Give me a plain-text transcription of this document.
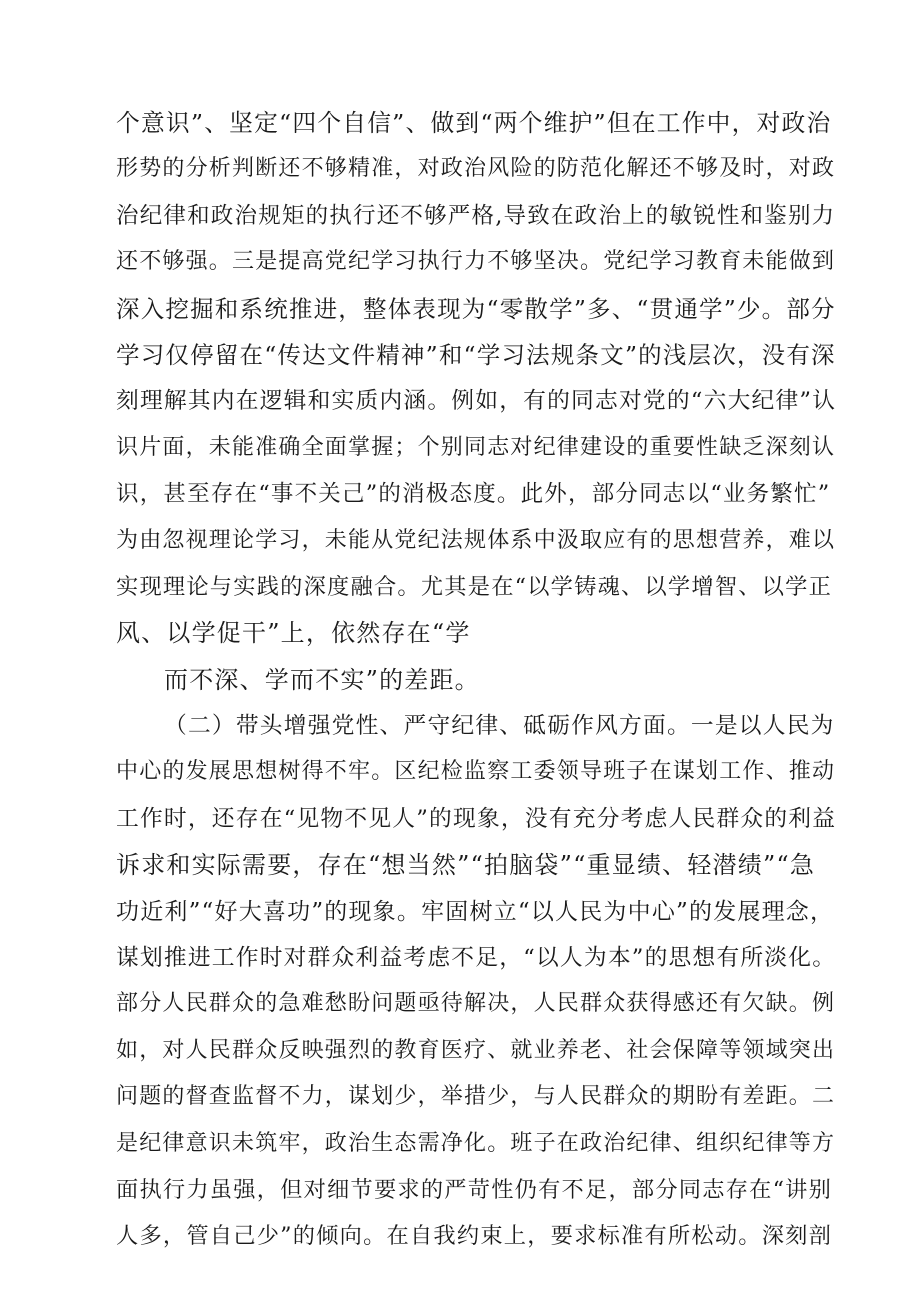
个意识”、坚定“四个自信”、做到“两个维护”但在工作中，对政治
形势的分析判断还不够精准，对政治风险的防范化解还不够及时，对政
治纪律和政治规矩的执行还不够严格,导致在政治上的敏锐性和鉴别力
还不够强。三是提高党纪学习执行力不够坚决。党纪学习教育未能做到
深入挖掘和系统推进，整体表现为“零散学”多、“贯通学”少。部分
学习仅停留在“传达文件精神”和“学习法规条文”的浅层次，没有深
刻理解其内在逻辑和实质内涵。例如，有的同志对党的“六大纪律”认
识片面，未能准确全面掌握；个别同志对纪律建设的重要性缺乏深刻认
识，甚至存在“事不关己”的消极态度。此外，部分同志以“业务繁忙”
为由忽视理论学习，未能从党纪法规体系中汲取应有的思想营养，难以
实现理论与实践的深度融合。尤其是在“以学铸魂、以学增智、以学正
风、以学促干”上，依然存在“学
而不深、学而不实”的差距。
（二）带头增强党性、严守纪律、砥砺作风方面。一是以人民为
中心的发展思想树得不牢。区纪检监察工委领导班子在谋划工作、推动
工作时，还存在“见物不见人”的现象，没有充分考虑人民群众的利益
诉求和实际需要，存在“想当然”“拍脑袋”“重显绩、轻潜绩”“急
功近利”“好大喜功”的现象。牢固树立“以人民为中心”的发展理念，
谋划推进工作时对群众利益考虑不足，“以人为本”的思想有所淡化。
部分人民群众的急难愁盼问题亟待解决，人民群众获得感还有欠缺。例
如，对人民群众反映强烈的教育医疗、就业养老、社会保障等领域突出
问题的督查监督不力，谋划少，举措少，与人民群众的期盼有差距。二
是纪律意识未筑牢，政治生态需净化。班子在政治纪律、组织纪律等方
面执行力虽强，但对细节要求的严苛性仍有不足，部分同志存在“讲别
人多，管自己少”的倾向。在自我约束上，要求标准有所松动。深刻剖
